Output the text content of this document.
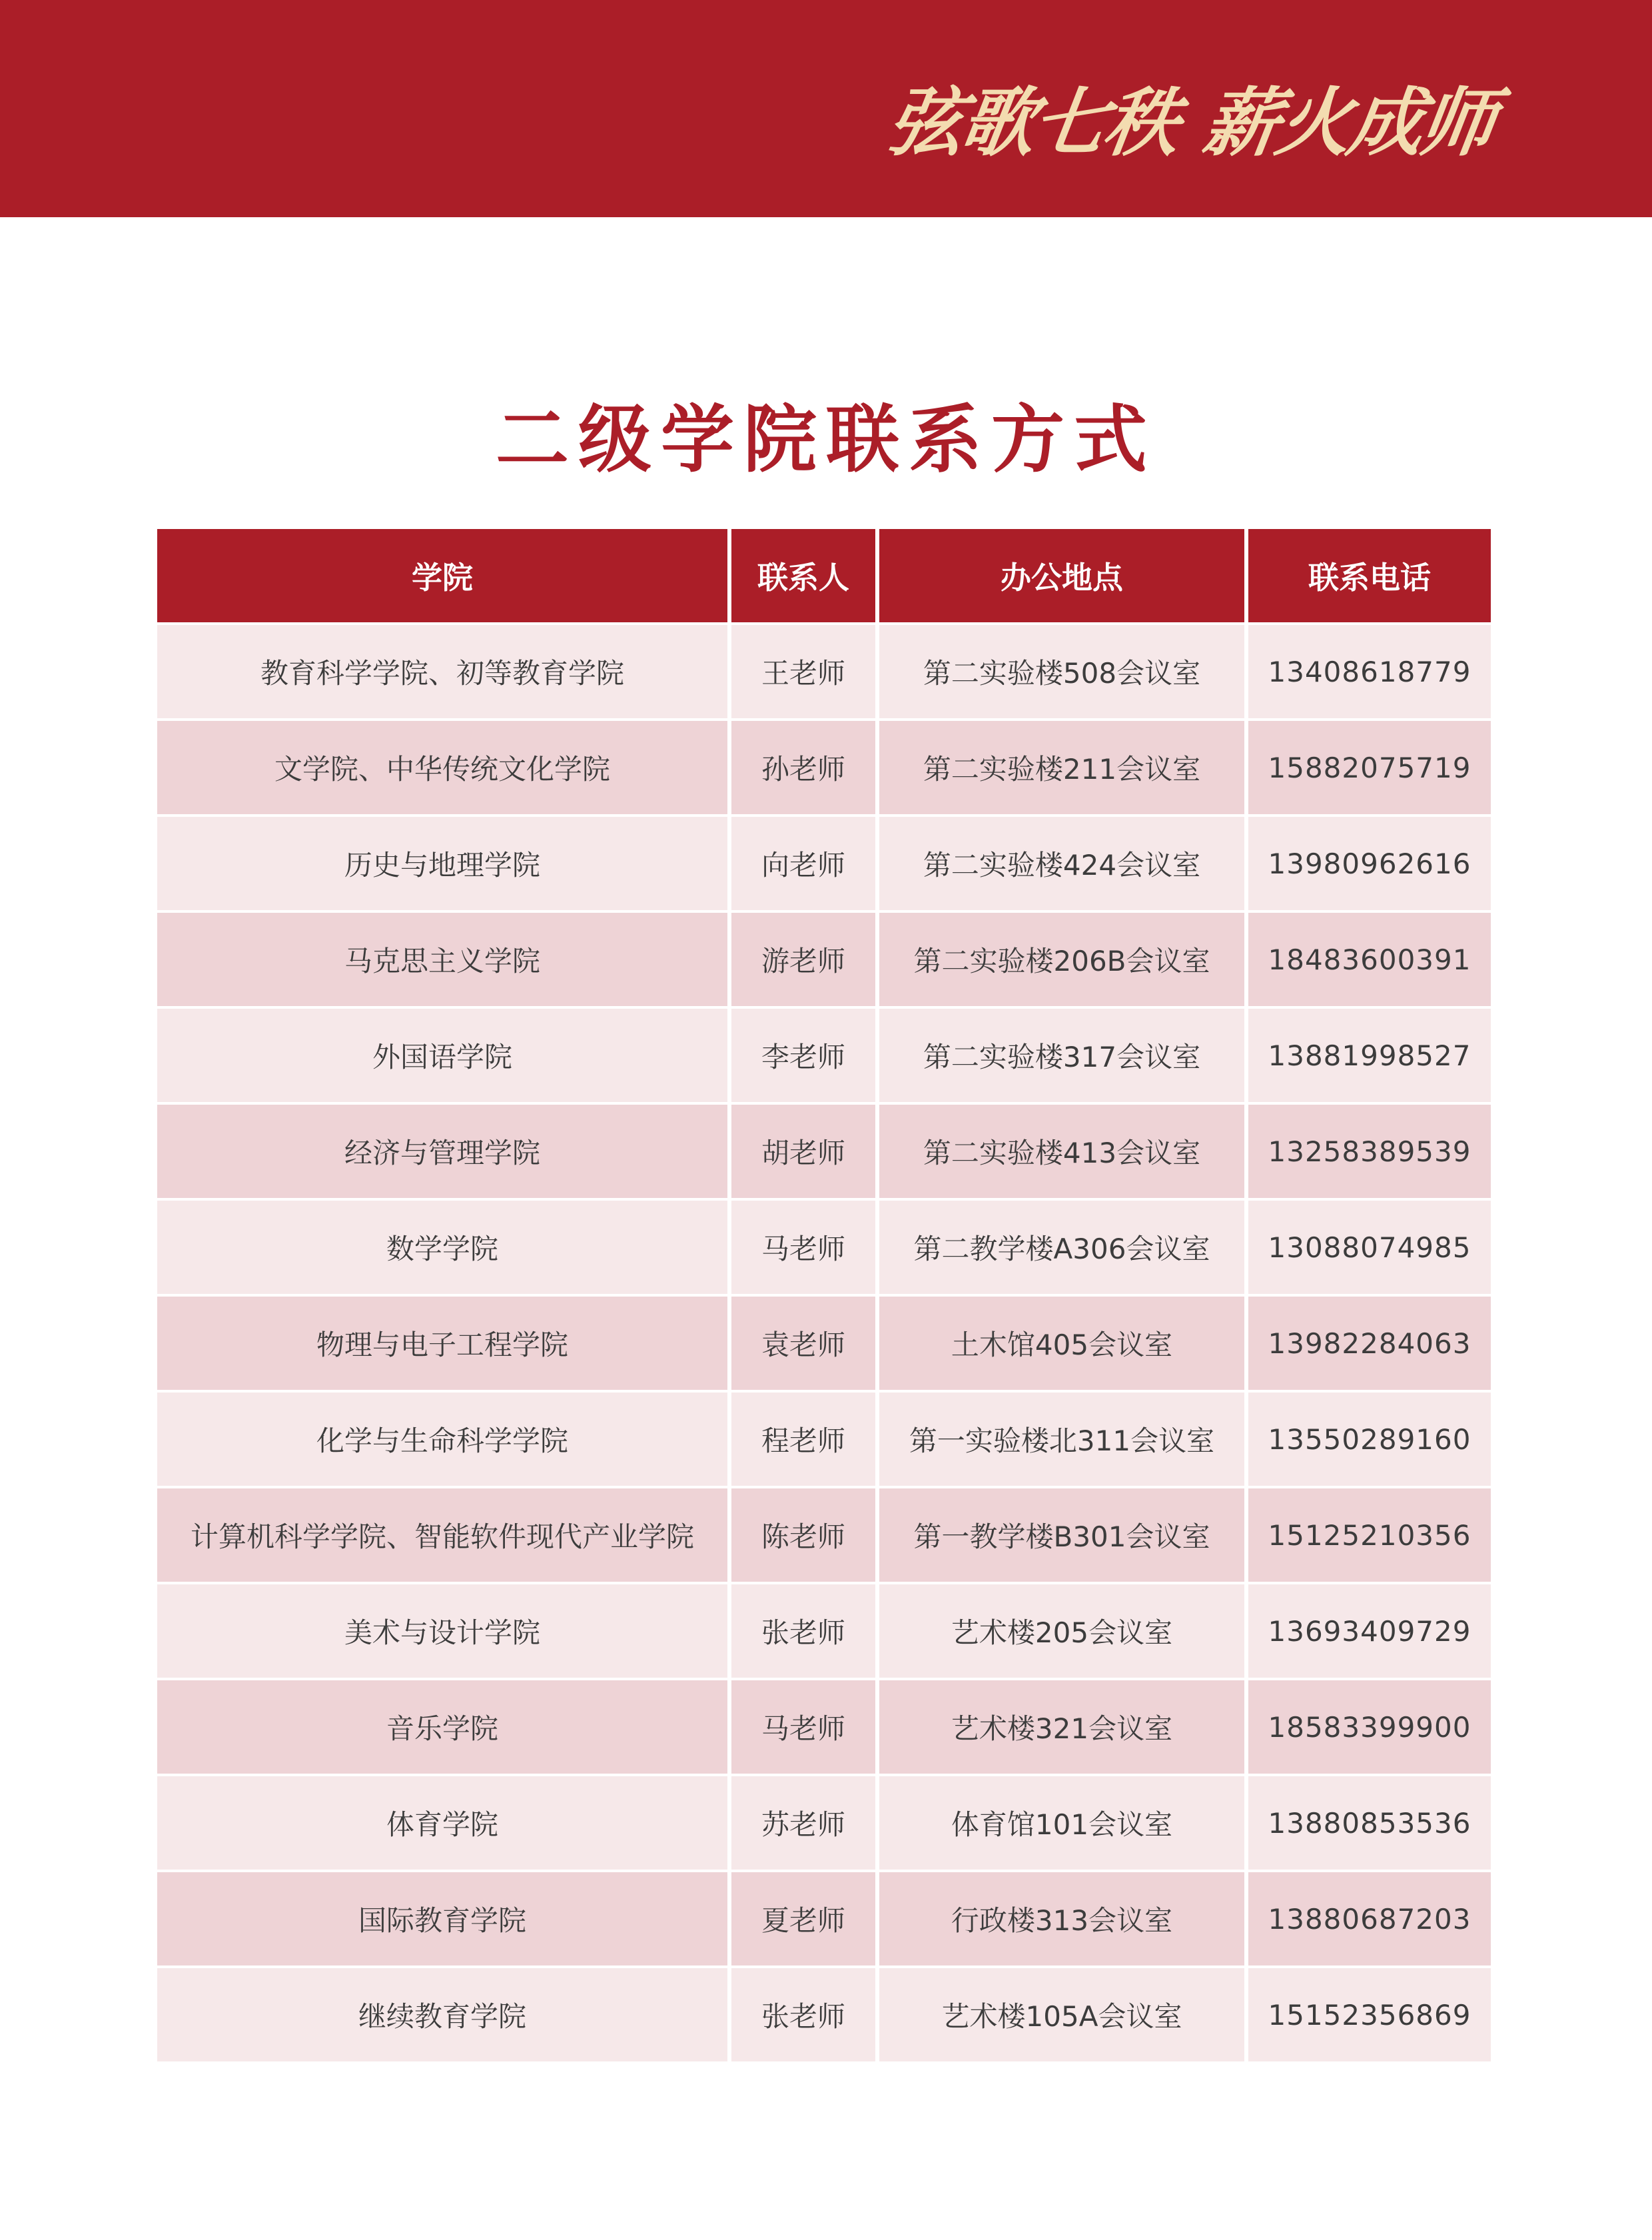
弦歌七秩 薪火成师
二级学院联系方式
学院	联系人	办公地点	联系电话
教育科学学院、初等教育学院	王老师	第二实验楼508会议室	13408618779
文学院、中华传统文化学院	孙老师	第二实验楼211会议室	15882075719
历史与地理学院	向老师	第二实验楼424会议室	13980962616
马克思主义学院	游老师	第二实验楼206B会议室	18483600391
外国语学院	李老师	第二实验楼317会议室	13881998527
经济与管理学院	胡老师	第二实验楼413会议室	13258389539
数学学院	马老师	第二教学楼A306会议室	13088074985
物理与电子工程学院	袁老师	土木馆405会议室	13982284063
化学与生命科学学院	程老师	第一实验楼北311会议室	13550289160
计算机科学学院、智能软件现代产业学院	陈老师	第一教学楼B301会议室	15125210356
美术与设计学院	张老师	艺术楼205会议室	13693409729
音乐学院	马老师	艺术楼321会议室	18583399900
体育学院	苏老师	体育馆101会议室	13880853536
国际教育学院	夏老师	行政楼313会议室	13880687203
继续教育学院	张老师	艺术楼105A会议室	15152356869
